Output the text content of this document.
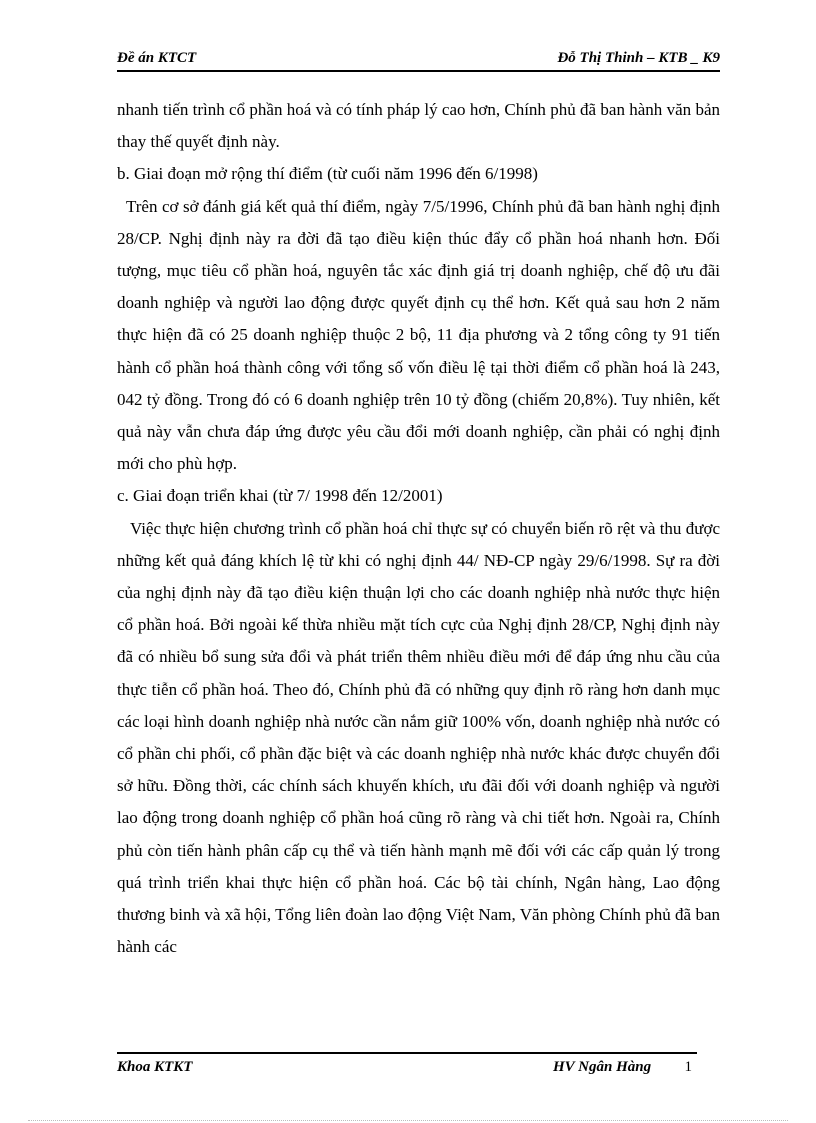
Đề án KTCT	Đỗ Thị Thinh – KTB _ K9

nhanh tiến trình cổ phần hoá và có tính pháp lý cao hơn, Chính phủ đã ban hành văn bản thay thế quyết định này.

b. Giai đoạn mở rộng thí điểm (từ cuối năm 1996 đến 6/1998)

Trên cơ sở đánh giá kết quả thí điểm, ngày 7/5/1996, Chính phủ đã ban hành nghị định 28/CP. Nghị định này ra đời đã tạo điều kiện thúc đẩy cổ phần hoá nhanh hơn. Đối tượng, mục tiêu cổ phần hoá, nguyên tắc xác định giá trị doanh nghiệp, chế độ ưu đãi doanh nghiệp và người lao động được quyết định cụ thể hơn. Kết quả sau hơn 2 năm thực hiện đã có 25 doanh nghiệp thuộc 2 bộ, 11 địa phương và 2 tổng công ty 91 tiến hành cổ phần hoá thành công với tổng số vốn điều lệ tại thời điểm cổ phần hoá là 243, 042 tỷ đồng. Trong đó có 6 doanh nghiệp trên 10 tỷ đồng (chiếm 20,8%). Tuy nhiên, kết quả này vẫn chưa đáp ứng được yêu cầu đổi mới doanh nghiệp, cần phải có nghị định mới cho phù hợp.

c. Giai đoạn triển khai (từ 7/ 1998 đến 12/2001)

Việc thực hiện chương trình cổ phần hoá chỉ thực sự có chuyển biến rõ rệt và thu được những kết quả đáng khích lệ từ khi có nghị định 44/ NĐ-CP ngày 29/6/1998. Sự ra đời của nghị định này đã tạo điều kiện thuận lợi cho các doanh nghiệp nhà nước thực hiện cổ phần hoá. Bởi ngoài kế thừa nhiều mặt tích cực của Nghị định 28/CP, Nghị định này đã có nhiều bổ sung sửa đổi và phát triển thêm nhiều điều mới để đáp ứng nhu cầu của thực tiễn cổ phần hoá. Theo đó, Chính phủ đã có những quy định rõ ràng hơn danh mục các loại hình doanh nghiệp nhà nước cần nắm giữ 100% vốn, doanh nghiệp nhà nước có cổ phần chi phối, cổ phần đặc biệt và các doanh nghiệp nhà nước khác được chuyển đổi sở hữu. Đồng thời, các chính sách khuyến khích, ưu đãi đối với doanh nghiệp và người lao động trong doanh nghiệp cổ phần hoá cũng rõ ràng và chi tiết hơn. Ngoài ra, Chính phủ còn tiến hành phân cấp cụ thể và tiến hành mạnh mẽ đối với các cấp quản lý trong quá trình triển khai thực hiện cổ phần hoá. Các bộ tài chính, Ngân hàng, Lao động thương binh và xã hội, Tổng liên đoàn lao động Việt Nam, Văn phòng Chính phủ đã ban hành các

Khoa KTKT	HV Ngân Hàng 1
